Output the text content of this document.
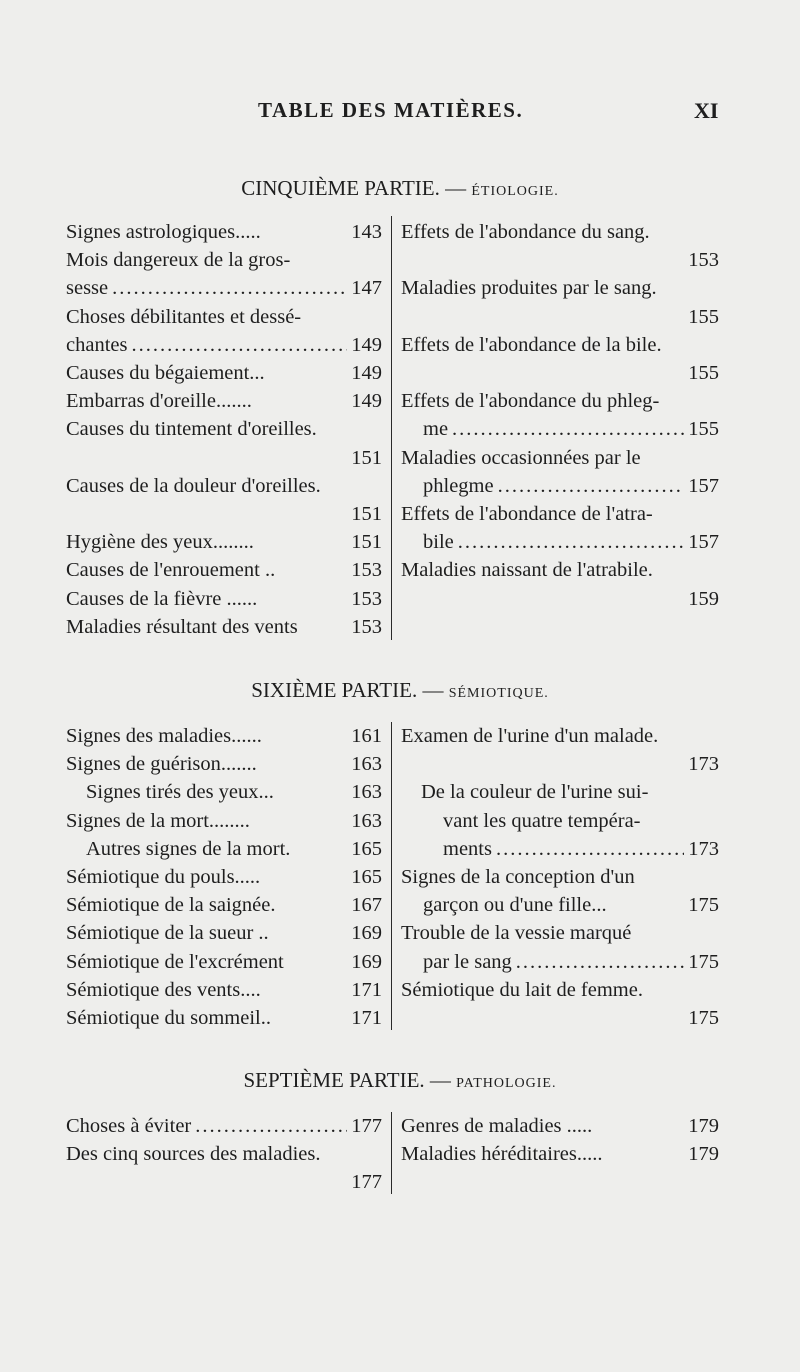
TABLE DES MATIÈRES.	XI
CINQUIÈME PARTIE. — ÉTIOLOGIE.
Signes astrologiques.....	143
Mois dangereux de la gros-
sesse .....	147
Choses débilitantes et dessé-
chantes .....	149
Causes du bégaiement...	149
Embarras d'oreille.......	149
Causes du tintement d'oreilles.
151
Causes de la douleur d'oreilles.
151
Hygiène des yeux........	151
Causes de l'enrouement ..	153
Causes de la fièvre ......	153
Maladies résultant des vents	153
Effets de l'abondance du sang.
153
Maladies produites par le sang.
155
Effets de l'abondance de la bile.
155
Effets de l'abondance du phleg-
me .....	155
Maladies occasionnées par le
phlegme .....	157
Effets de l'abondance de l'atra-
bile .....	157
Maladies naissant de l'atrabile.
159
SIXIÈME PARTIE. — SÉMIOTIQUE.
Signes des maladies......	161
Signes de guérison.......	163
Signes tirés des yeux...	163
Signes de la mort........	163
Autres signes de la mort.	165
Sémiotique du pouls.....	165
Sémiotique de la saignée.	167
Sémiotique de la sueur ..	169
Sémiotique de l'excrément	169
Sémiotique des vents....	171
Sémiotique du sommeil..	171
Examen de l'urine d'un malade.
173
De la couleur de l'urine sui-
vant les quatre tempéra-
ments .....	173
Signes de la conception d'un
garçon ou d'une fille...	175
Trouble de la vessie marqué
par le sang .....	175
Sémiotique du lait de femme.
175
SEPTIÈME PARTIE. — PATHOLOGIE.
Choses à éviter .....	177
Des cinq sources des maladies.
177
Genres de maladies .....	179
Maladies héréditaires.....	179
